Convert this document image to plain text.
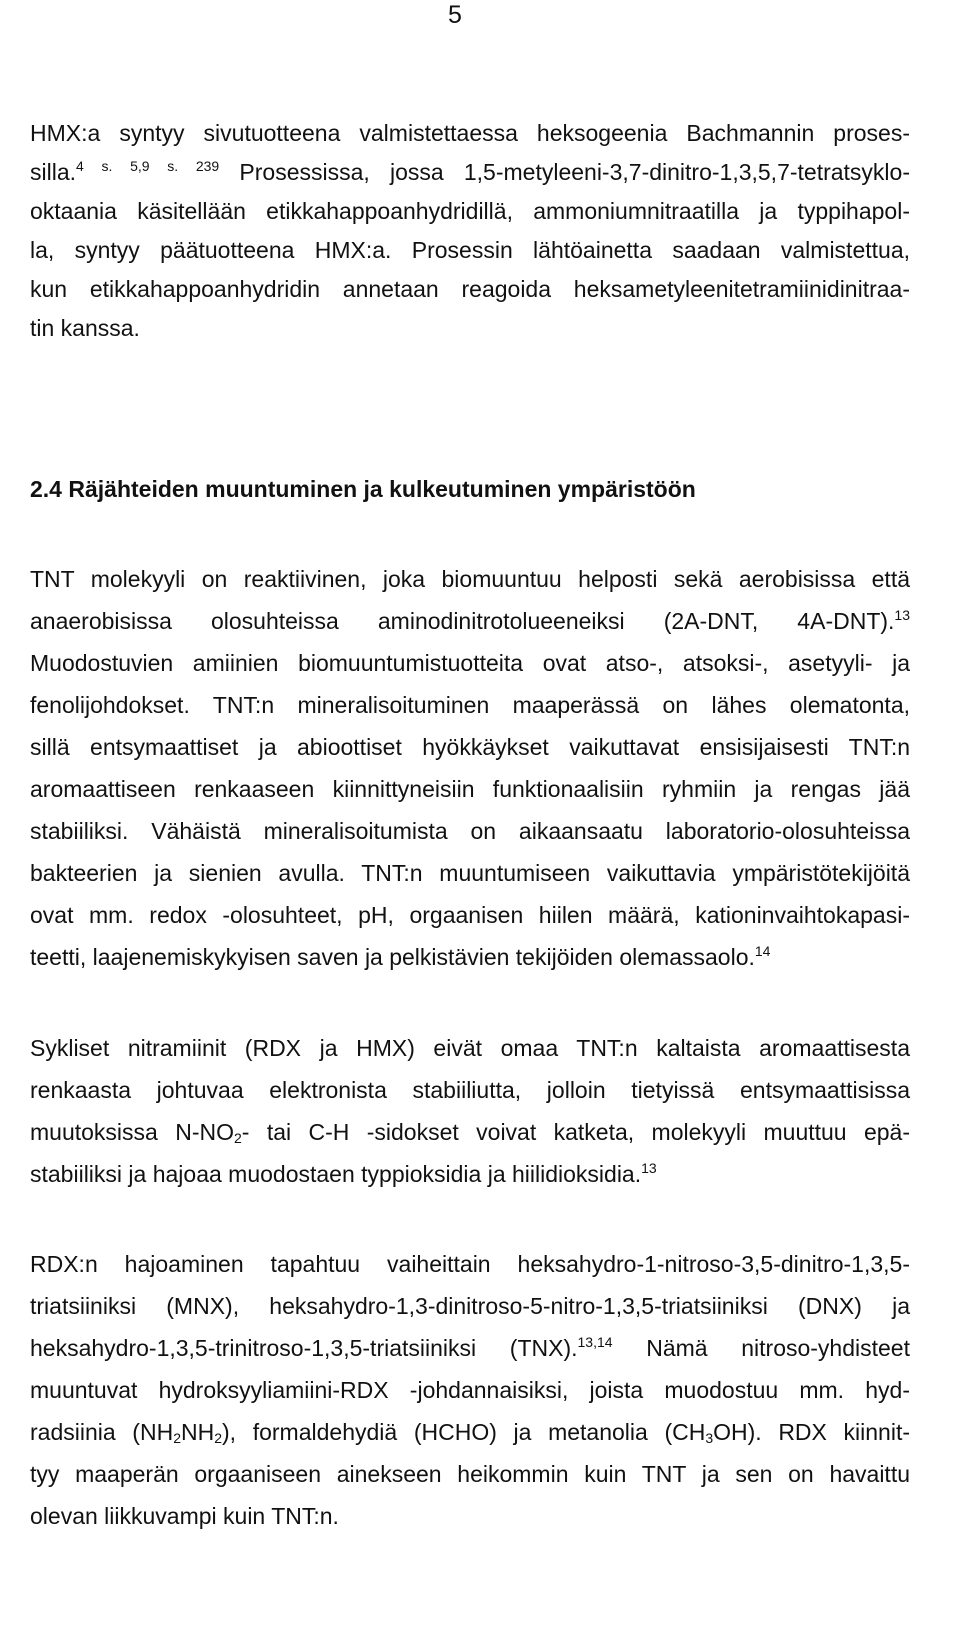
5

HMX:a syntyy sivutuotteena valmistettaessa heksogeenia Bachmannin proses-

silla.$^{4 s. 5,9 s. 239}$ Prosessissa, jossa 1,5-metyleeni-3,7-dinitro-1,3,5,7-tetratsyklo-

oktaania käsitellään etikkahappoanhydridillä, ammoniumnitraatilla ja typpihapol-

la, syntyy päätuotteena HMX:a. Prosessin lähtöainetta saadaan valmistettua,

kun etikkahappoanhydridin annetaan reagoida heksametyleenitetramiinidinitraa-

tin kanssa.

2.4 Räjähteiden muuntuminen ja kulkeutuminen ympäristöön

TNT molekyyli on reaktiivinen, joka biomuuntuu helposti sekä aerobisissa että

anaerobisissa olosuhteissa aminodinitrotolueeneiksi (2A-DNT, 4A-DNT).$^{13}$

Muodostuvien amiinien biomuuntumistuotteita ovat atso-, atsoksi-, asetyyli- ja

fenolijohdokset. TNT:n mineralisoituminen maaperässä on lähes olematonta,

sillä entsymaattiset ja abioottiset hyökkäykset vaikuttavat ensisijaisesti TNT:n

aromaattiseen renkaaseen kiinnittyneisiin funktionaalisiin ryhmiin ja rengas jää

stabiiliksi. Vähäistä mineralisoitumista on aikaansaatu laboratorio-olosuhteissa

bakteerien ja sienien avulla. TNT:n muuntumiseen vaikuttavia ympäristötekijöitä

ovat mm. redox -olosuhteet, pH, orgaanisen hiilen määrä, kationinvaihtokapasi-

teetti, laajenemiskykyisen saven ja pelkistävien tekijöiden olemassaolo.$^{14}$

Sykliset nitramiinit (RDX ja HMX) eivät omaa TNT:n kaltaista aromaattisesta

renkaasta johtuvaa elektronista stabiiliutta, jolloin tietyissä entsymaattisissa

muutoksissa $N-NO_2-$ tai C-H -sidokset voivat katketa, molekyyli muuttuu epä-

stabiiliksi ja hajoaa muodostaen typpioksidia ja hiilidioksidia.$^{13}$

RDX:n hajoaminen tapahtuu vaiheittain heksahydro-1-nitroso-3,5-dinitro-1,3,5-

triatsiiniksi (MNX), heksahydro-1,3-dinitroso-5-nitro-1,3,5-triatsiiniksi (DNX) ja

heksahydro-1,3,5-trinitroso-1,3,5-triatsiiniksi (TNX).$^{13,14}$ Nämä nitroso-yhdisteet

muuntuvat hydroksyyliamiini-RDX -johdannaisiksi, joista muodostuu mm. hyd-

radsiinia $(NH_2NH_2)$, formaldehydiä (HCHO) ja metanolia $(CH_3OH)$. RDX kiinnit-

tyy maaperän orgaaniseen ainekseen heikommin kuin TNT ja sen on havaittu

olevan liikkuvampi kuin TNT:n.
